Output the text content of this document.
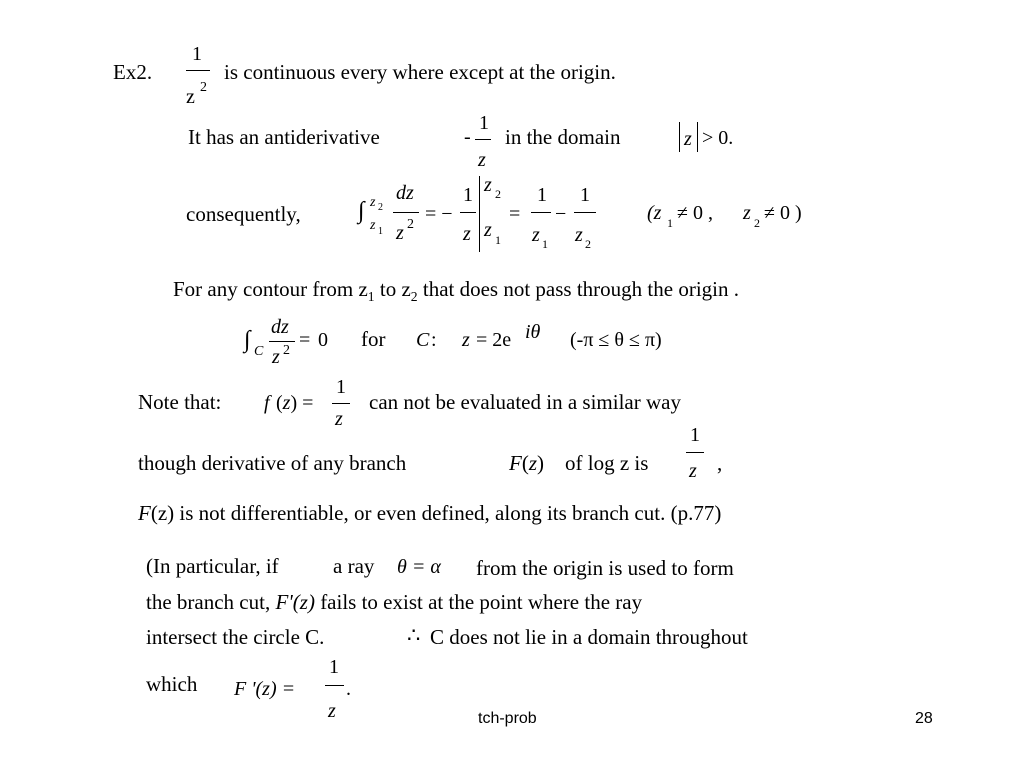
Ex2.
1
z 2
is continuous every where except at the origin.
It has an antiderivative	-
1
z
in the domain	z > 0.
consequently, ∫ z 2
z 1
dz
z 2 = −
1
z
z 2
z 1
=
1
z 1
−
1
z 2
(z 1 ≠ 0 , z 2 ≠ 0 )
For any contour from $z_1$ to $z_2$ that does not pass through the origin .
∫ C
dz
z 2 = 0 for C : z = 2e iθ (-π ≤ θ ≤ π)
Note that: f (z) =
1
z
can not be evaluated in a similar way
though derivative of any branch	F(z) of log z is
1
z ,
F(z) is not differentiable, or even defined, along its branch cut. (p.77)
(In particular, if	a ray θ = α from the origin is used to form
the branch cut, F'(z) fails to exist at the point where the ray
intersect the circle C.	∴ C does not lie in a domain throughout
which F '(z) =
1
z
.
tch-prob	28
